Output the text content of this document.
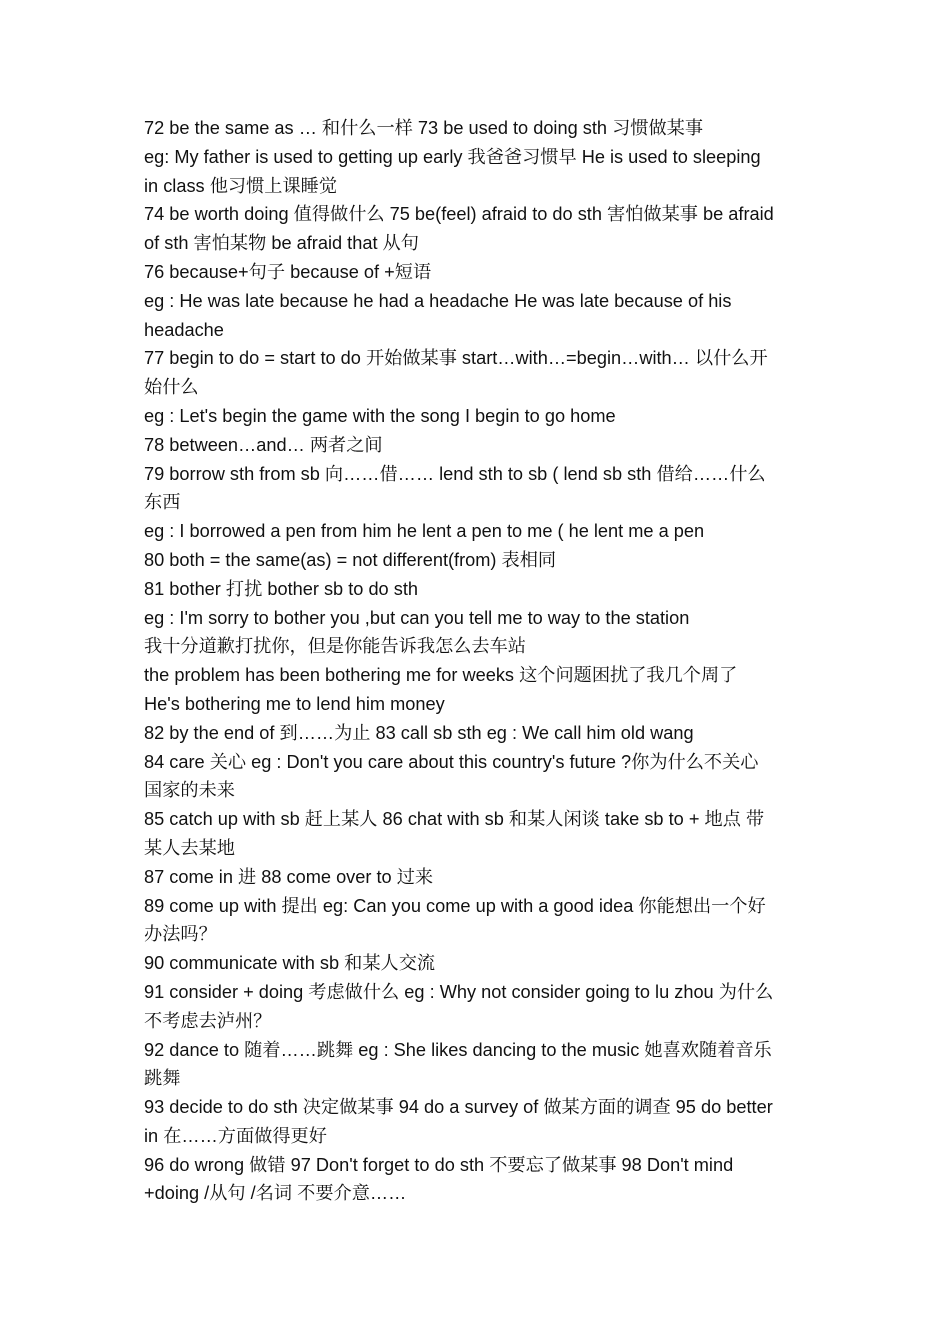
72 be the same as … 和什么一样 73 be used to doing sth 习惯做某事
eg: My father is used to getting up early 我爸爸习惯早 He is used to sleeping
in class 他习惯上课睡觉
74 be worth doing 值得做什么 75 be(feel) afraid to do sth 害怕做某事 be afraid
of sth 害怕某物 be afraid that 从句
76 because+句子 because of +短语
eg : He was late because he had a headache He was late because of his
headache
77 begin to do = start to do 开始做某事 start…with…=begin…with… 以什么开
始什么
eg : Let's begin the game with the song I begin to go home
78 between…and… 两者之间
79 borrow sth from sb 向……借…… lend sth to sb ( lend sb sth 借给……什么
东西
eg : I borrowed a pen from him he lent a pen to me ( he lent me a pen
80 both = the same(as) = not different(from) 表相同
81 bother 打扰 bother sb to do sth
eg : I'm sorry to bother you ,but can you tell me to way to the station
我十分道歉打扰你，但是你能告诉我怎么去车站
the problem has been bothering me for weeks 这个问题困扰了我几个周了
He's bothering me to lend him money
82 by the end of 到……为止 83 call sb sth eg : We call him old wang
84 care 关心 eg : Don't you care about this country's future ?你为什么不关心
国家的未来
85 catch up with sb 赶上某人 86 chat with sb 和某人闲谈 take sb to + 地点 带
某人去某地
87 come in 进 88 come over to 过来
89 come up with 提出 eg: Can you come up with a good idea 你能想出一个好
办法吗？
90 communicate with sb 和某人交流
91 consider + doing 考虑做什么 eg : Why not consider going to lu zhou 为什么
不考虑去泸州？
92 dance to 随着……跳舞 eg : She likes dancing to the music 她喜欢随着音乐
跳舞
93 decide to do sth 决定做某事 94 do a survey of 做某方面的调查 95 do better
in 在……方面做得更好
96 do wrong 做错 97 Don't forget to do sth 不要忘了做某事 98 Don't mind
+doing /从句 /名词 不要介意……
